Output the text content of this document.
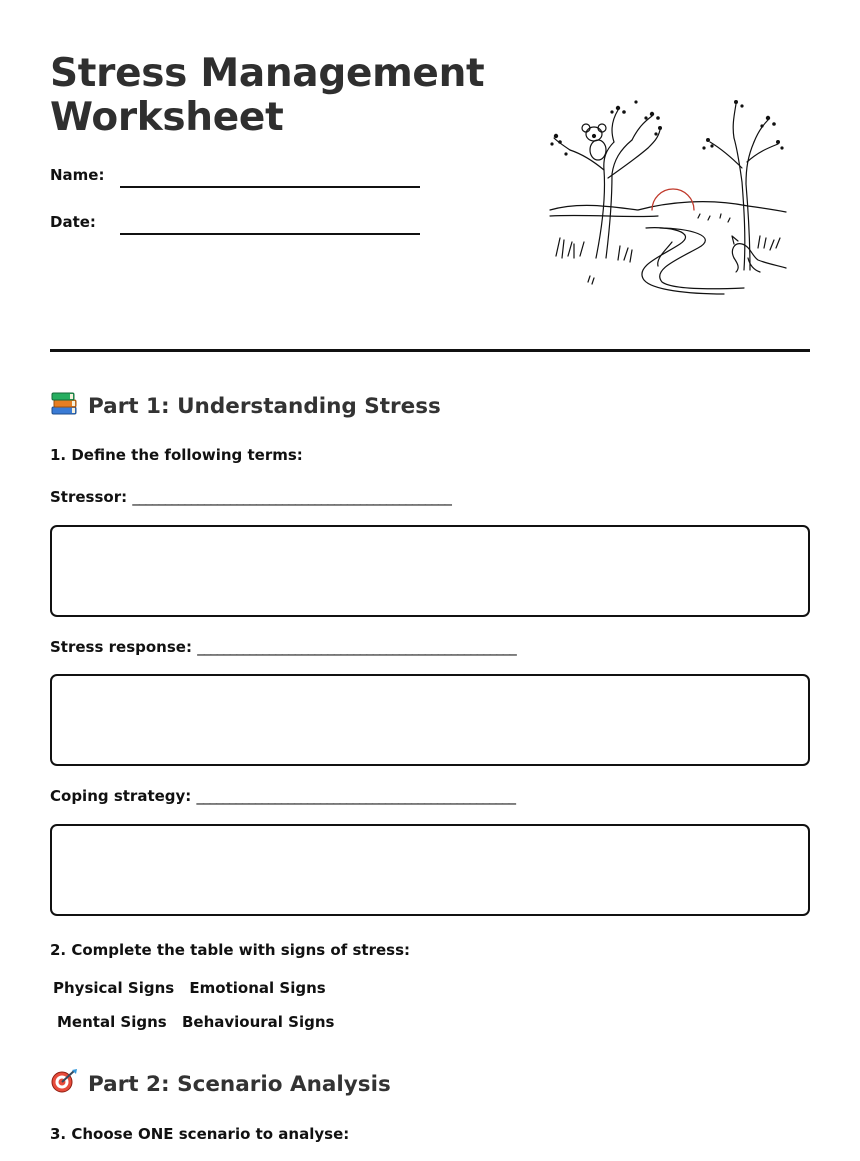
Stress Management
Worksheet
Name:
Date:
Part 1: Understanding Stress
1. Define the following terms:
Stressor: _________________________________________________
Stress response: _________________________________________________
Coping strategy: _________________________________________________
2. Complete the table with signs of stress:
Physical Signs Emotional Signs
Mental Signs Behavioural Signs
Part 2: Scenario Analysis
3. Choose ONE scenario to analyse:
